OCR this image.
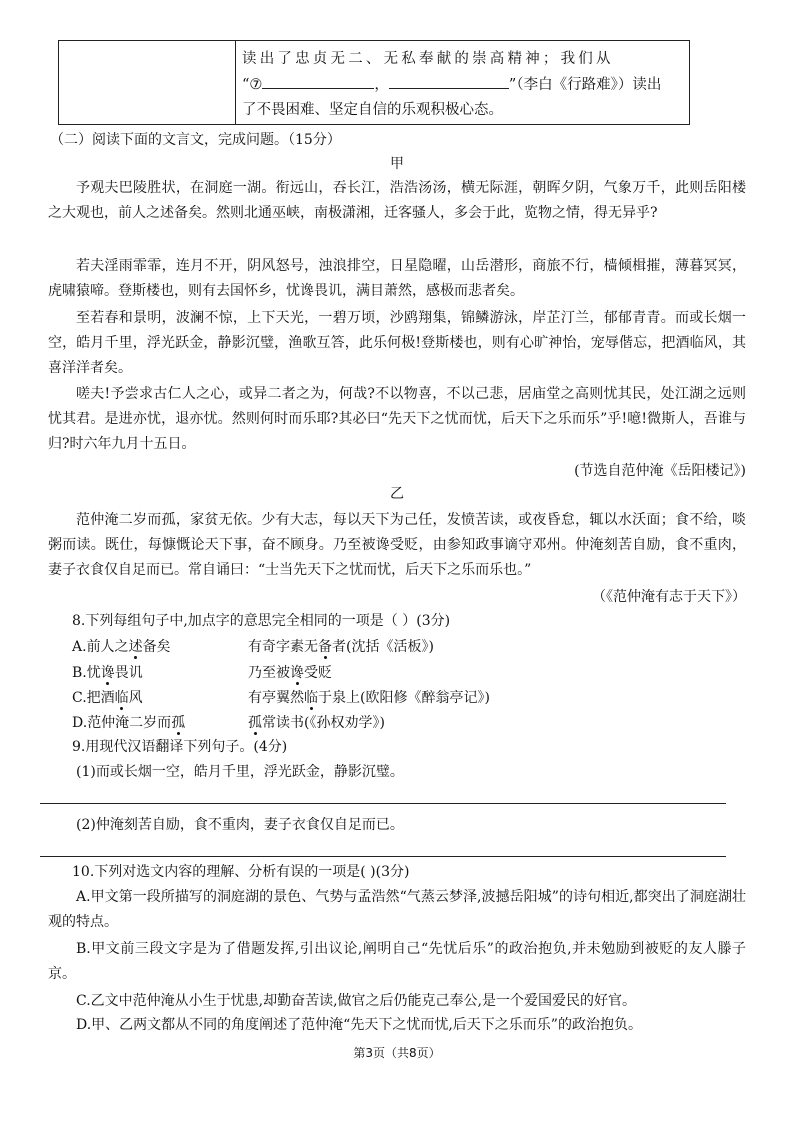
读出了忠贞无二、无私奉献的崇高精神；我们从
“⑦	，	”（李白《行路难》）读出
了不畏困难、坚定自信的乐观积极心态。
（二）阅读下面的文言文，完成问题。（15分）
甲
予观夫巴陵胜状，在洞庭一湖。衔远山，吞长江，浩浩汤汤，横无际涯，朝晖夕阴，气象万千，此则岳阳楼之大观也，前人之述备矣。然则北通巫峡，南极潇湘，迁客骚人，多会于此，览物之情，得无异乎?
若夫淫雨霏霏，连月不开，阴风怒号，浊浪排空，日星隐曜，山岳潜形，商旅不行，樯倾楫摧，薄暮冥冥，虎啸猿啼。登斯楼也，则有去国怀乡，忧谗畏讥，满目萧然，感极而悲者矣。
至若春和景明，波澜不惊，上下天光，一碧万顷，沙鸥翔集，锦鳞游泳，岸芷汀兰，郁郁青青。而或长烟一空，皓月千里，浮光跃金，静影沉璧，渔歌互答，此乐何极!登斯楼也，则有心旷神怡，宠辱偕忘，把酒临风，其喜洋洋者矣。
嗟夫!予尝求古仁人之心，或异二者之为，何哉?不以物喜，不以己悲，居庙堂之高则忧其民，处江湖之远则忧其君。是进亦忧，退亦忧。然则何时而乐耶?其必曰“先天下之忧而忧，后天下之乐而乐”乎!噫!微斯人，吾谁与归?时六年九月十五日。
(节选自范仲淹《岳阳楼记》)
乙
范仲淹二岁而孤，家贫无依。少有大志，每以天下为己任，发愤苦读，或夜昏怠，辄以水沃面；食不给，啖粥而读。既仕，每慷慨论天下事，奋不顾身。乃至被谗受贬，由参知政事谪守邓州。仲淹刻苦自励，食不重肉，妻子衣食仅自足而已。常自诵曰：“士当先天下之忧而忧，后天下之乐而乐也。”
（《范仲淹有志于天下》）
8.下列每组句子中,加点字的意思完全相同的一项是（ ）(3分)
A.前人之述备矣	有奇字素无备者(沈括《活板》)
B.忧谗畏讥	乃至被谗受贬
C.把酒临风	有亭翼然临于泉上(欧阳修《醉翁亭记》)
D.范仲淹二岁而孤	孤常读书(《孙权劝学》)
9.用现代汉语翻译下列句子。(4分)
(1)而或长烟一空，皓月千里，浮光跃金，静影沉璧。
(2)仲淹刻苦自励，食不重肉，妻子衣食仅自足而已。
10.下列对选文内容的理解、分析有误的一项是( )(3分)
A.甲文第一段所描写的洞庭湖的景色、气势与孟浩然“气蒸云梦泽,波撼岳阳城”的诗句相近,都突出了洞庭湖壮观的特点。
B.甲文前三段文字是为了借题发挥,引出议论,阐明自己“先忧后乐”的政治抱负,并未勉励到被贬的友人滕子京。
C.乙文中范仲淹从小生于忧患,却勤奋苦读,做官之后仍能克己奉公,是一个爱国爱民的好官。
D.甲、乙两文都从不同的角度阐述了范仲淹“先天下之忧而忧,后天下之乐而乐”的政治抱负。
第3页（共8页）
